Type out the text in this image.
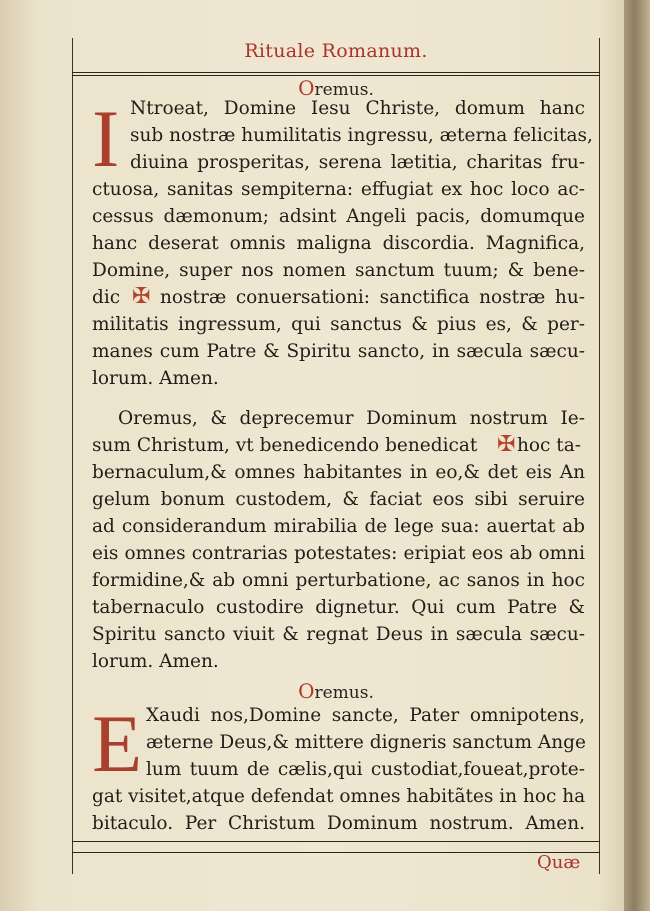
Rituale Romanum.
Oremus.
I Ntroeat, Domine Iesu Christe, domum hanc
sub nostræ humilitatis ingressu, æterna felicitas,
diuina prosperitas, serena lætitia, charitas fru-
ctuosa, sanitas sempiterna: effugiat ex hoc loco ac-
cessus dæmonum; adsint Angeli pacis, domumque
hanc deserat omnis maligna discordia. Magnifica,
Domine, super nos nomen sanctum tuum; & bene-
dic ✠ nostræ conuersationi: sanctifica nostræ hu-
militatis ingressum, qui sanctus & pius es, & per-
manes cum Patre & Spiritu sancto, in sæcula sæcu-
lorum. Amen.
Oremus, & deprecemur Dominum nostrum Ie-
sum Christum, vt benedicendo benedicat ✠ hoc ta-
bernaculum,& omnes habitantes in eo,& det eis An
gelum bonum custodem, & faciat eos sibi seruire
ad considerandum mirabilia de lege sua: auertat ab
eis omnes contrarias potestates: eripiat eos ab omni
formidine,& ab omni perturbatione, ac sanos in hoc
tabernaculo custodire dignetur. Qui cum Patre &
Spiritu sancto viuit & regnat Deus in sæcula sæcu-
lorum. Amen.
Oremus.
E Xaudi nos,Domine sancte, Pater omnipotens,
æterne Deus,& mittere digneris sanctum Ange
lum tuum de cælis,qui custodiat,foueat,prote-
gat visitet,atque defendat omnes habitãtes in hoc ha
bitaculo. Per Christum Dominum nostrum. Amen.
Quæ
